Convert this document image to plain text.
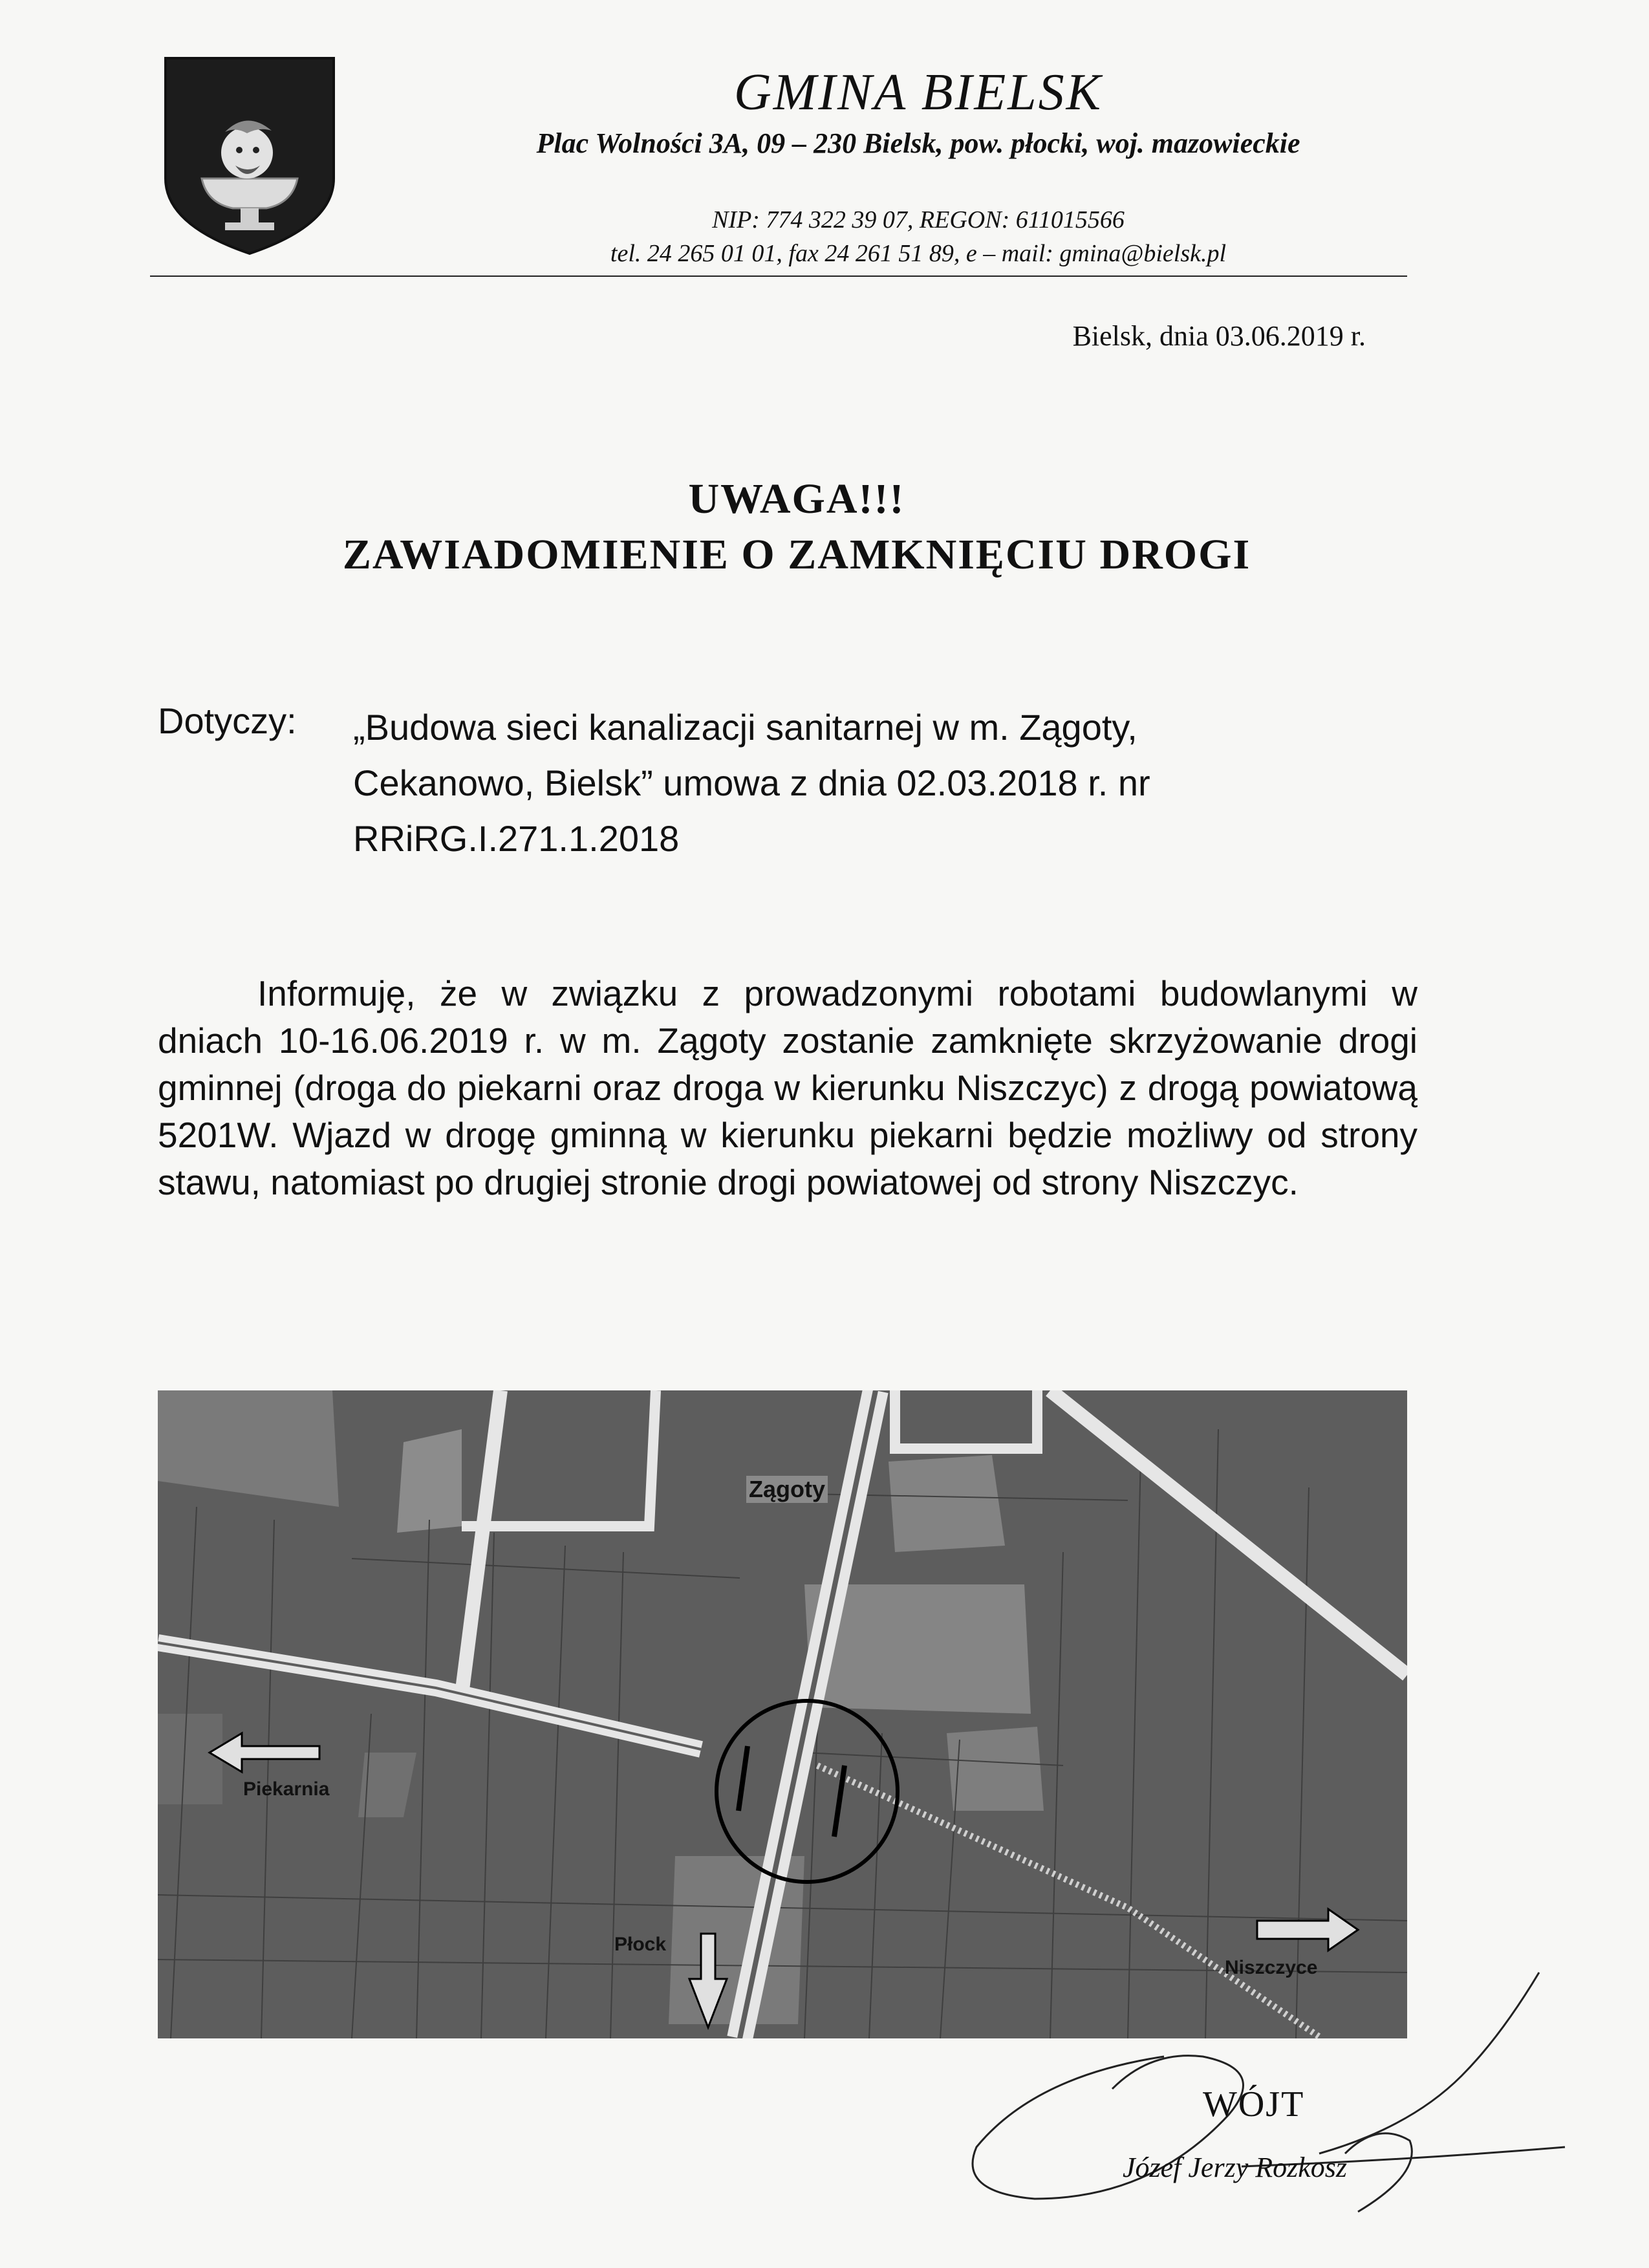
GMINA BIELSK
Plac Wolności 3A, 09 – 230 Bielsk, pow. płocki, woj. mazowieckie
NIP: 774 322 39 07, REGON: 611015566
tel. 24 265 01 01, fax 24 261 51 89, e – mail: gmina@bielsk.pl
Bielsk, dnia 03.06.2019 r.
UWAGA!!!
ZAWIADOMIENIE O ZAMKNIĘCIU DROGI
Dotyczy: „Budowa sieci kanalizacji sanitarnej w m. Zągoty, Cekanowo, Bielsk” umowa z dnia 02.03.2018 r. nr RRiRG.I.271.1.2018
Informuję, że w związku z prowadzonymi robotami budowlanymi w dniach 10-16.06.2019 r. w m. Zągoty zostanie zamknięte skrzyżowanie drogi gminnej (droga do piekarni oraz droga w kierunku Niszczyc) z drogą powiatową 5201W. Wjazd w drogę gminną w kierunku piekarni będzie możliwy od strony stawu, natomiast po drugiej stronie drogi powiatowej od strony Niszczyc.
Zągoty
Piekarnia
Płock
Niszczyce
WÓJT
Józef Jerzy Rozkosz
